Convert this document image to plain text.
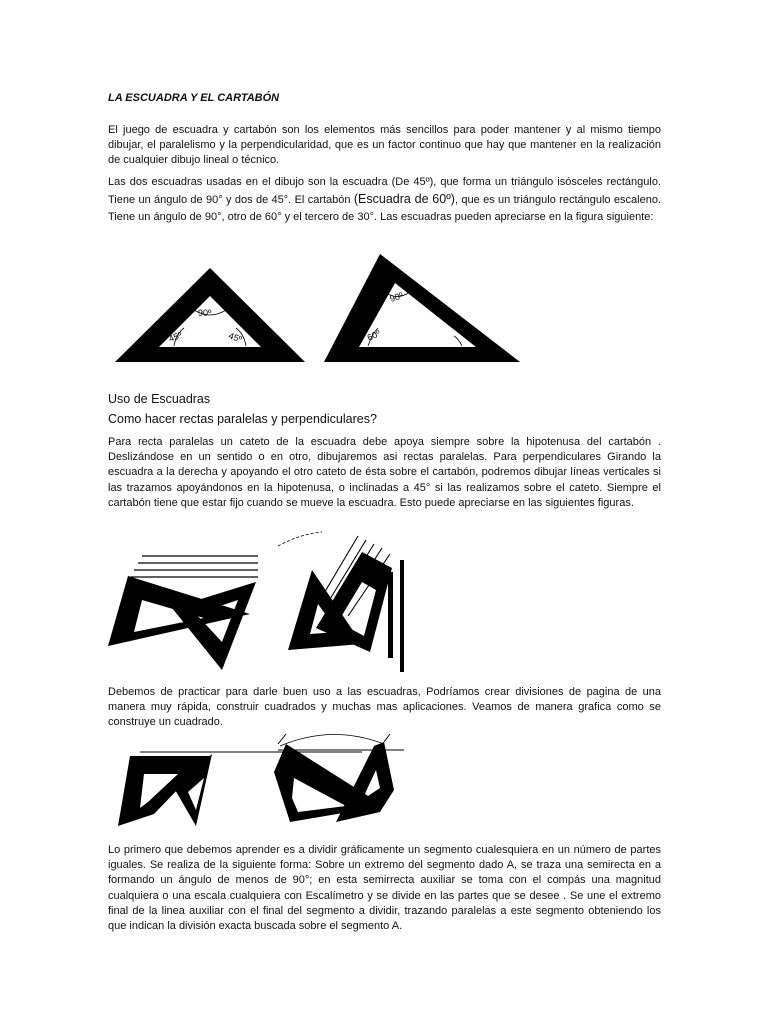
LA ESCUADRA Y EL CARTABÓN

El juego de escuadra y cartabón son los elementos más sencillos para poder mantener y al mismo tiempo dibujar, el paralelismo y la perpendicularidad, que es un factor continuo que hay que mantener en la realización de cualquier dibujo lineal o técnico.

Las dos escuadras usadas en el dibujo son la escuadra (De 45º), que forma un triángulo isósceles rectángulo. Tiene un ángulo de 90° y dos de 45°. El cartabón (Escuadra de 60º), que es un triángulo rectángulo escaleno. Tiene un ángulo de 90°, otro de 60° y el tercero de 30°. Las escuadras pueden apreciarse en la figura siguiente:

90º
45º	45º
90º
60º	30º

Uso de Escuadras

Como hacer rectas paralelas y perpendiculares?

Para recta paralelas un cateto de la escuadra debe apoya siempre sobre la hipotenusa del cartabón . Deslizándose en un sentido o en otro, dibujaremos asi rectas paralelas. Para perpendiculares Girando la escuadra a la derecha y apoyando el otro cateto de ésta sobre el cartabón, podremos dibujar líneas verticales si las trazamos apoyándonos en la hipotenusa, o inclinadas a 45° si las realizamos sobre el cateto. Siempre el cartabón tiene que estar fijo cuando se mueve la escuadra. Esto puede apreciarse en las siguientes figuras.

Debemos de practicar para darle buen uso a las escuadras, Podríamos crear divisiones de pagina de una manera muy rápida, construir cuadrados y muchas mas aplicaciones. Veamos de manera grafica como se construye un cuadrado.

Lo primero que debemos aprender es a dividir gráficamente un segmento cualesquiera en un número de partes iguales. Se realiza de la siguiente forma: Sobre un extremo del segmento dado A, se traza una semirecta en a formando un ángulo de menos de 90°; en esta semirrecta auxiliar se toma con el compás una magnitud cualquiera o una escala cualquiera con Escalímetro y se divide en las partes que se desee . Se une el extremo final de la linea auxiliar con el final del segmento a dividir, trazando paralelas a este segmento obteniendo los que indican la división exacta buscada sobre el segmento A.
